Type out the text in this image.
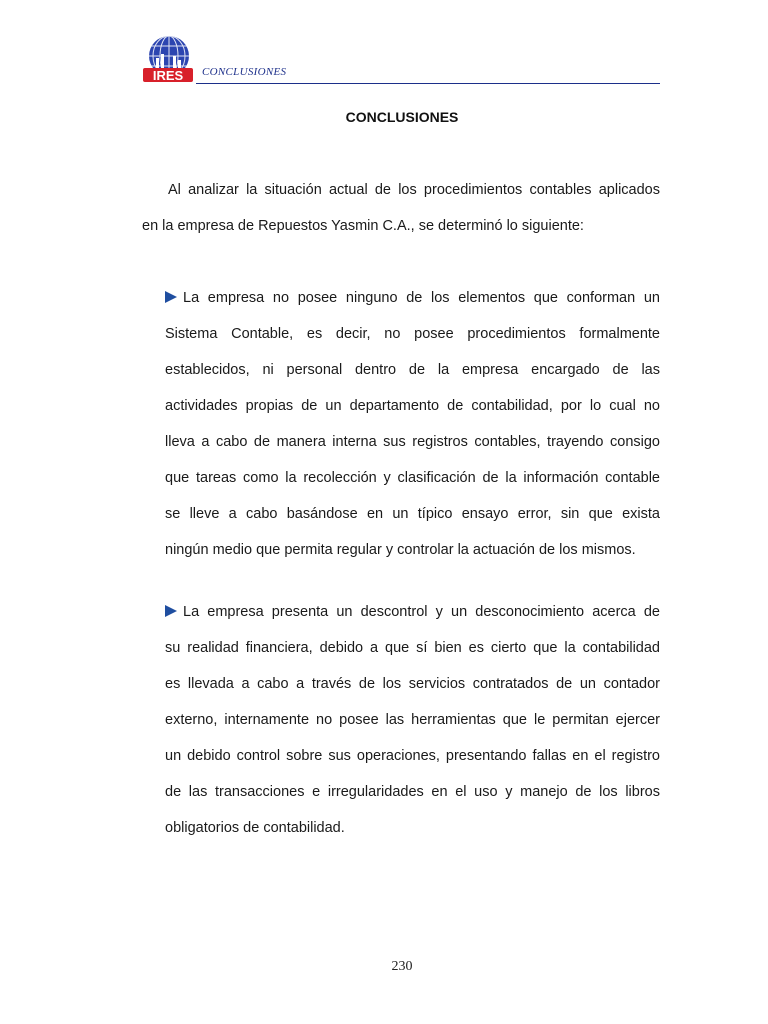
IRES CONCLUSIONES
CONCLUSIONES
Al analizar la situación actual de los procedimientos contables aplicados
en la empresa de Repuestos Yasmin C.A., se determinó lo siguiente:
La empresa no posee ninguno de los elementos que conforman un
Sistema Contable, es decir, no posee procedimientos formalmente
establecidos, ni personal dentro de la empresa encargado de las
actividades propias de un departamento de contabilidad, por lo cual no
lleva a cabo de manera interna sus registros contables, trayendo consigo
que tareas como la recolección y clasificación de la información contable
se lleve a cabo basándose en un típico ensayo error, sin que exista
ningún medio que permita regular y controlar la actuación de los mismos.
La empresa presenta un descontrol y un desconocimiento acerca de
su realidad financiera, debido a que sí bien es cierto que la contabilidad
es llevada a cabo a través de los servicios contratados de un contador
externo, internamente no posee las herramientas que le permitan ejercer
un debido control sobre sus operaciones, presentando fallas en el registro
de las transacciones e irregularidades en el uso y manejo de los libros
obligatorios de contabilidad.
230
